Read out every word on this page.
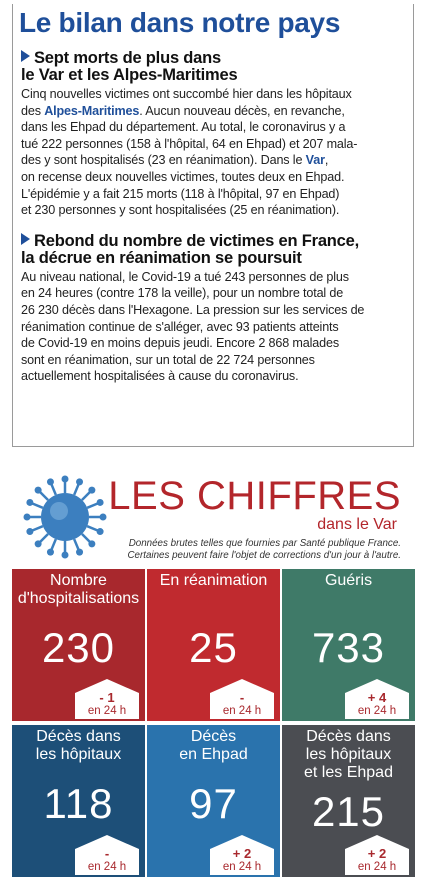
Le bilan dans notre pays
Sept morts de plus dans
le Var et les Alpes-Maritimes

Cinq nouvelles victimes ont succombé hier dans les hôpitaux

des Alpes-Maritimes. Aucun nouveau décès, en revanche,

dans les Ehpad du département. Au total, le coronavirus y a

tué 222 personnes (158 à l'hôpital, 64 en Ehpad) et 207 mala-

des y sont hospitalisés (23 en réanimation). Dans le Var,

on recense deux nouvelles victimes, toutes deux en Ehpad.

L'épidémie y a fait 215 morts (118 à l'hôpital, 97 en Ehpad)

et 230 personnes y sont hospitalisées (25 en réanimation).

Rebond du nombre de victimes en France,
la décrue en réanimation se poursuit

Au niveau national, le Covid-19 a tué 243 personnes de plus

en 24 heures (contre 178 la veille), pour un nombre total de

26 230 décès dans l'Hexagone. La pression sur les services de

réanimation continue de s'alléger, avec 93 patients atteints

de Covid-19 en moins depuis jeudi. Encore 2 868 malades

sont en réanimation, sur un total de 22 724 personnes

actuellement hospitalisées à cause du coronavirus.

LES CHIFFRES
dans le Var
Données brutes telles que fournies par Santé publique France.
Certaines peuvent faire l'objet de corrections d'un jour à l'autre.
Nombre
d'hospitalisations
230
- 1
en 24 h
En réanimation
25
-
en 24 h
Guéris
733
+ 4
en 24 h
Décès dans
les hôpitaux
118
-
en 24 h
Décès
en Ehpad
97
+ 2
en 24 h
Décès dans
les hôpitaux
et les Ehpad
215
+ 2
en 24 h
